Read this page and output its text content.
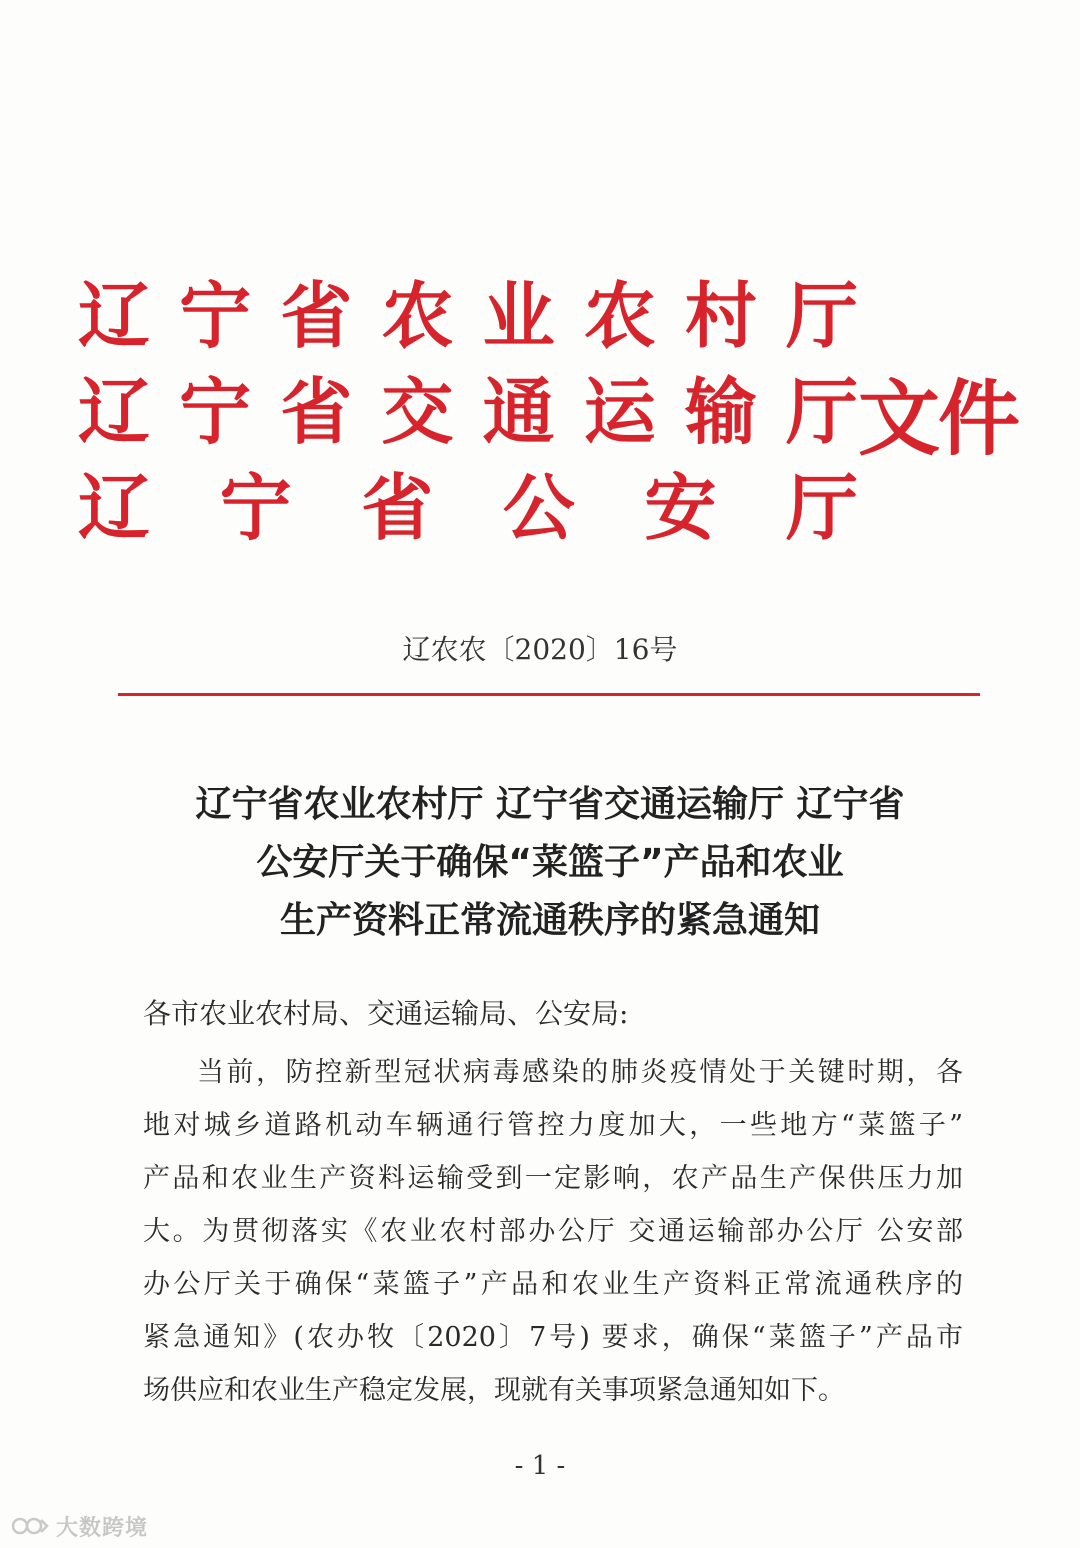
辽宁省农业农村厅
辽宁省交通运输厅
辽宁省公安厅
文件
辽农农〔2020〕16号
辽宁省农业农村厅 辽宁省交通运输厅 辽宁省
公安厅关于确保“菜篮子”产品和农业
生产资料正常流通秩序的紧急通知
各市农业农村局、交通运输局、公安局:
当前，防控新型冠状病毒感染的肺炎疫情处于关键时期，各
地对城乡道路机动车辆通行管控力度加大，一些地方“菜篮子”
产品和农业生产资料运输受到一定影响，农产品生产保供压力加
大。为贯彻落实《农业农村部办公厅 交通运输部办公厅 公安部
办公厅关于确保“菜篮子”产品和农业生产资料正常流通秩序的
紧急通知》(农办牧〔2020〕7号) 要求，确保“菜篮子”产品市
场供应和农业生产稳定发展，现就有关事项紧急通知如下。
- 1 -
大数跨境
